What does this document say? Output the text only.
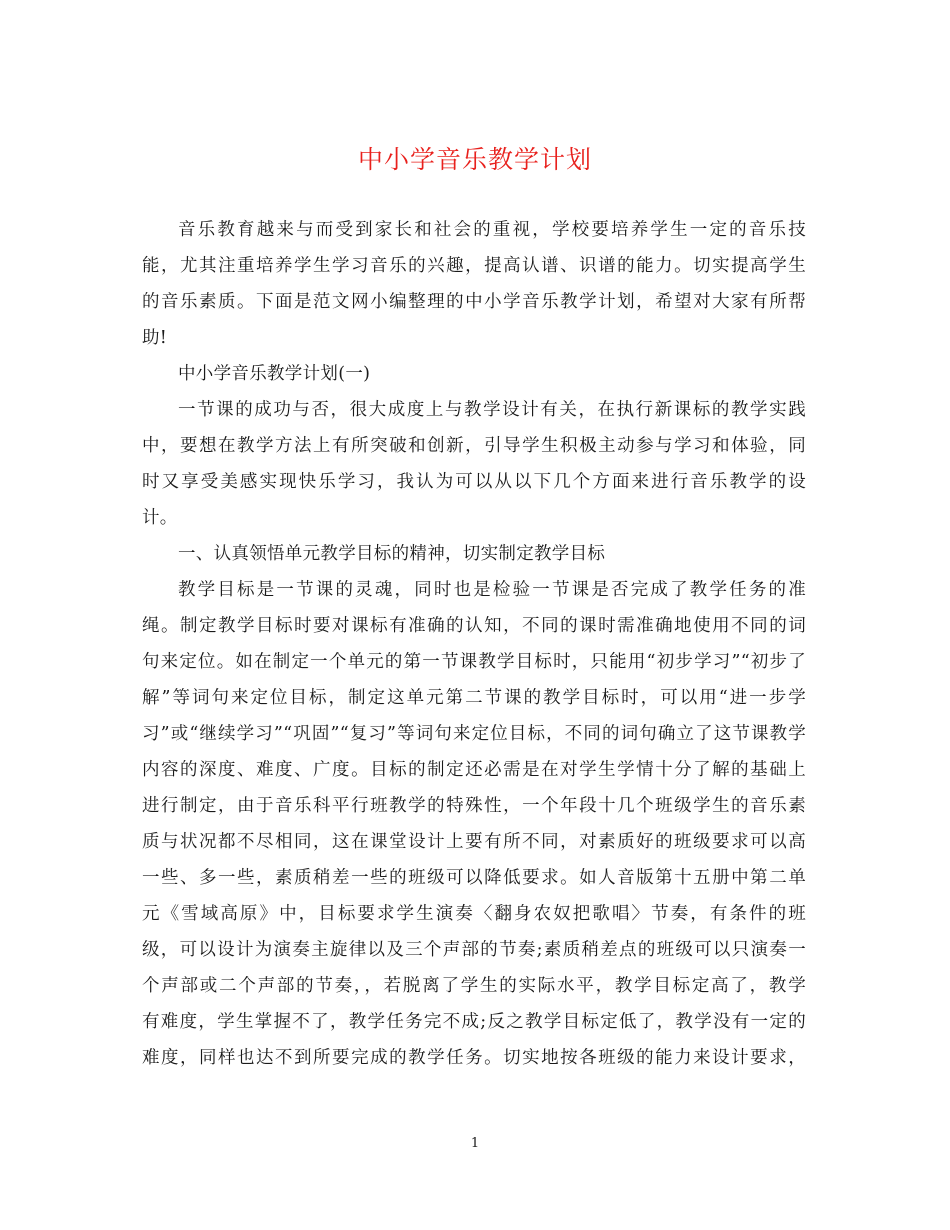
中小学音乐教学计划
音乐教育越来与而受到家长和社会的重视，学校要培养学生一定的音乐技
能，尤其注重培养学生学习音乐的兴趣，提高认谱、识谱的能力。切实提高学生
的音乐素质。下面是范文网小编整理的中小学音乐教学计划，希望对大家有所帮
助!
中小学音乐教学计划(一)
一节课的成功与否，很大成度上与教学设计有关，在执行新课标的教学实践
中，要想在教学方法上有所突破和创新，引导学生积极主动参与学习和体验，同
时又享受美感实现快乐学习，我认为可以从以下几个方面来进行音乐教学的设
计。
一、认真领悟单元教学目标的精神，切实制定教学目标
教学目标是一节课的灵魂，同时也是检验一节课是否完成了教学任务的准
绳。制定教学目标时要对课标有准确的认知，不同的课时需准确地使用不同的词
句来定位。如在制定一个单元的第一节课教学目标时，只能用“初步学习”“初步了
解”等词句来定位目标，制定这单元第二节课的教学目标时，可以用“进一步学
习”或“继续学习”“巩固”“复习”等词句来定位目标，不同的词句确立了这节课教学
内容的深度、难度、广度。目标的制定还必需是在对学生学情十分了解的基础上
进行制定，由于音乐科平行班教学的特殊性，一个年段十几个班级学生的音乐素
质与状况都不尽相同，这在课堂设计上要有所不同，对素质好的班级要求可以高
一些、多一些，素质稍差一些的班级可以降低要求。如人音版第十五册中第二单
元《雪域高原》中，目标要求学生演奏〈翻身农奴把歌唱〉节奏，有条件的班
级，可以设计为演奏主旋律以及三个声部的节奏;素质稍差点的班级可以只演奏一
个声部或二个声部的节奏，，若脱离了学生的实际水平，教学目标定高了，教学
有难度，学生掌握不了，教学任务完不成;反之教学目标定低了，教学没有一定的
难度，同样也达不到所要完成的教学任务。切实地按各班级的能力来设计要求，
1
